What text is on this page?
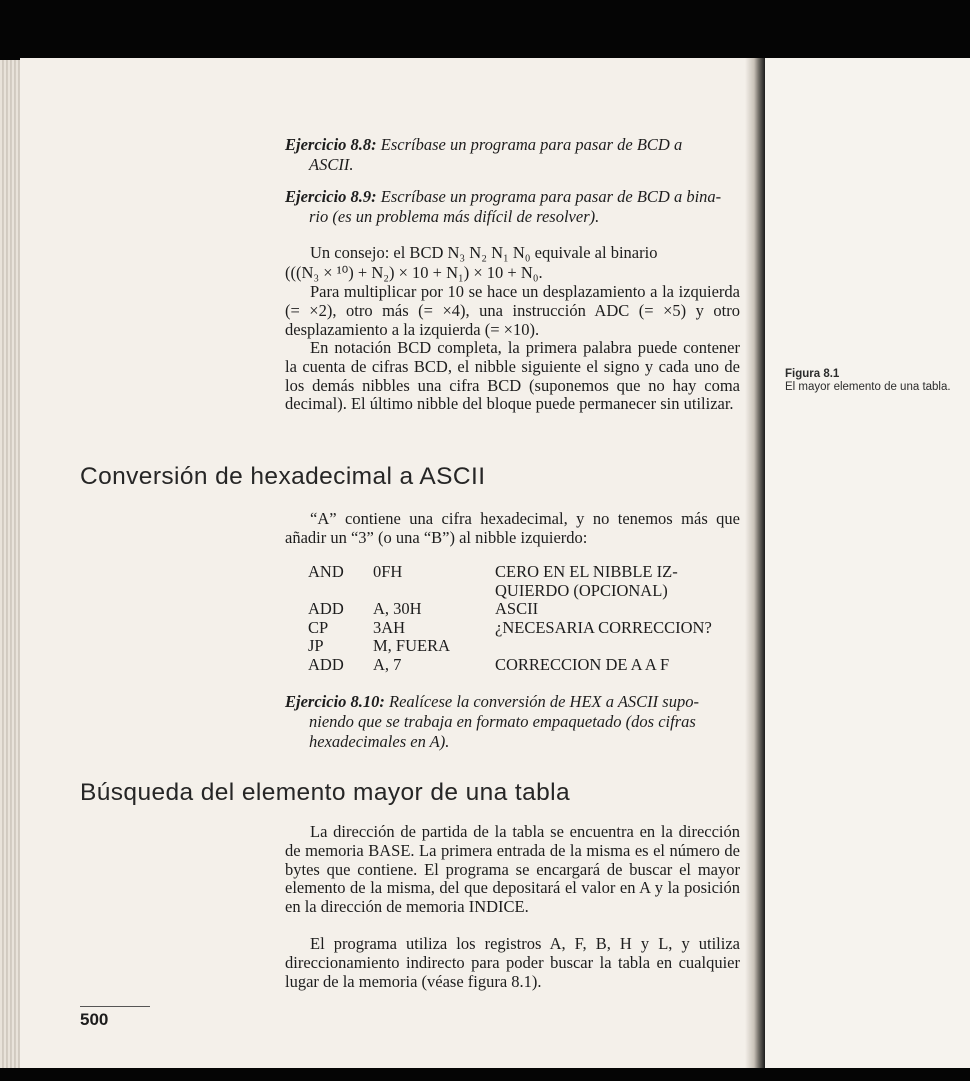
Ejercicio 8.8: Escríbase un programa para pasar de BCD a
ASCII.
Ejercicio 8.9: Escríbase un programa para pasar de BCD a bina-
rio (es un problema más difícil de resolver).
Un consejo: el BCD N₃ N₂ N₁ N₀ equivale al binario
(((N₃ × ¹⁰) + N₂) × 10 + N₁) × 10 + N₀.
Para multiplicar por 10 se hace un desplazamiento a la izquierda (= ×2), otro más (= ×4), una instrucción ADC (= ×5) y otro desplazamiento a la izquierda (= ×10).
En notación BCD completa, la primera palabra puede contener la cuenta de cifras BCD, el nibble siguiente el signo y cada uno de los demás nibbles una cifra BCD (suponemos que no hay coma decimal). El último nibble del bloque puede permanecer sin utilizar.
Conversión de hexadecimal a ASCII
“A” contiene una cifra hexadecimal, y no tenemos más que añadir un “3” (o una “B”) al nibble izquierdo:
AND	0FH	CERO EN EL NIBBLE IZ-
QUIERDO (OPCIONAL)
ADD	A, 30H	ASCII
CP	3AH	¿NECESARIA CORRECCION?
JP	M, FUERA
ADD	A, 7	CORRECCION DE A A F
Ejercicio 8.10: Realícese la conversión de HEX a ASCII supo-
niendo que se trabaja en formato empaquetado (dos cifras
hexadecimales en A).
Búsqueda del elemento mayor de una tabla
La dirección de partida de la tabla se encuentra en la dirección de memoria BASE. La primera entrada de la misma es el número de bytes que contiene. El programa se encargará de buscar el mayor elemento de la misma, del que depositará el valor en A y la posición en la dirección de memoria INDICE.
El programa utiliza los registros A, F, B, H y L, y utiliza direccionamiento indirecto para poder buscar la tabla en cualquier lugar de la memoria (véase figura 8.1).
500
Figura 8.1
El mayor elemento de una tabla.
